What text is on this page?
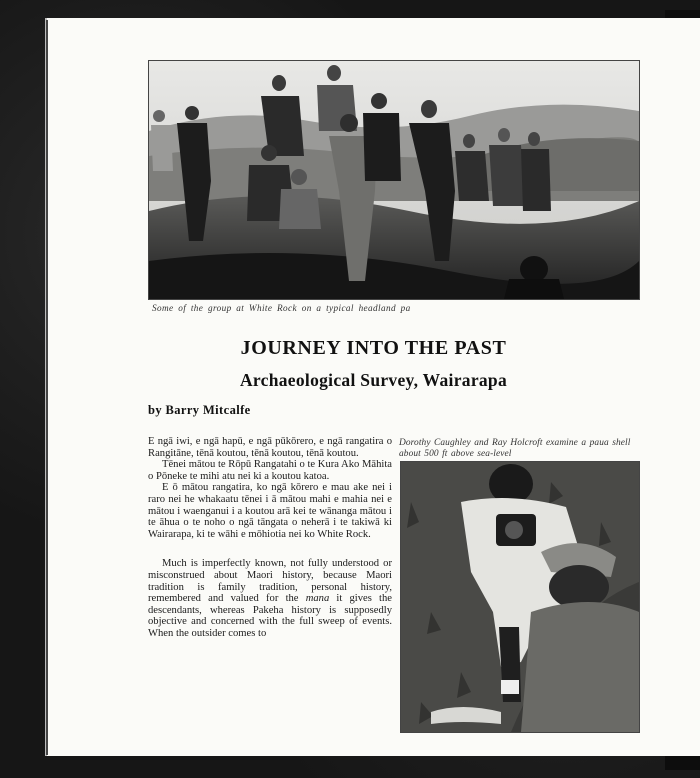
Some of the group at White Rock on a typical headland pa
JOURNEY INTO THE PAST
Archaeological Survey, Wairarapa
by Barry Mitcalfe

E ngā iwi, e ngā hapū, e ngā pūkōrero, e ngā rangatira o Rangitāne, tēnā koutou, tēnā koutou, tēnā koutou.

Tēnei mātou te Rōpū Rangatahi o te Kura Ako Māhita o Pōneke te mihi atu nei ki a koutou katoa.

E ō mātou rangatira, ko ngā kōrero e mau ake nei i raro nei he whakaatu tēnei i ā mātou mahi e mahia nei e mātou i waenganui i a koutou arā kei te wānanga mātou i te āhua o te noho o ngā tāngata o neherā i te takiwā ki Wairarapa, ki te wāhi e mōhiotia nei ko White Rock.

Much is imperfectly known, not fully understood or misconstrued about Maori history, because Maori tradition is family tradition, personal history, remembered and valued for the mana it gives the descendants, whereas Pakeha history is supposedly objective and concerned with the full sweep of events. When the outsider comes to

Dorothy Caughley and Ray Holcroft examine a paua shell about 500 ft above sea-level
